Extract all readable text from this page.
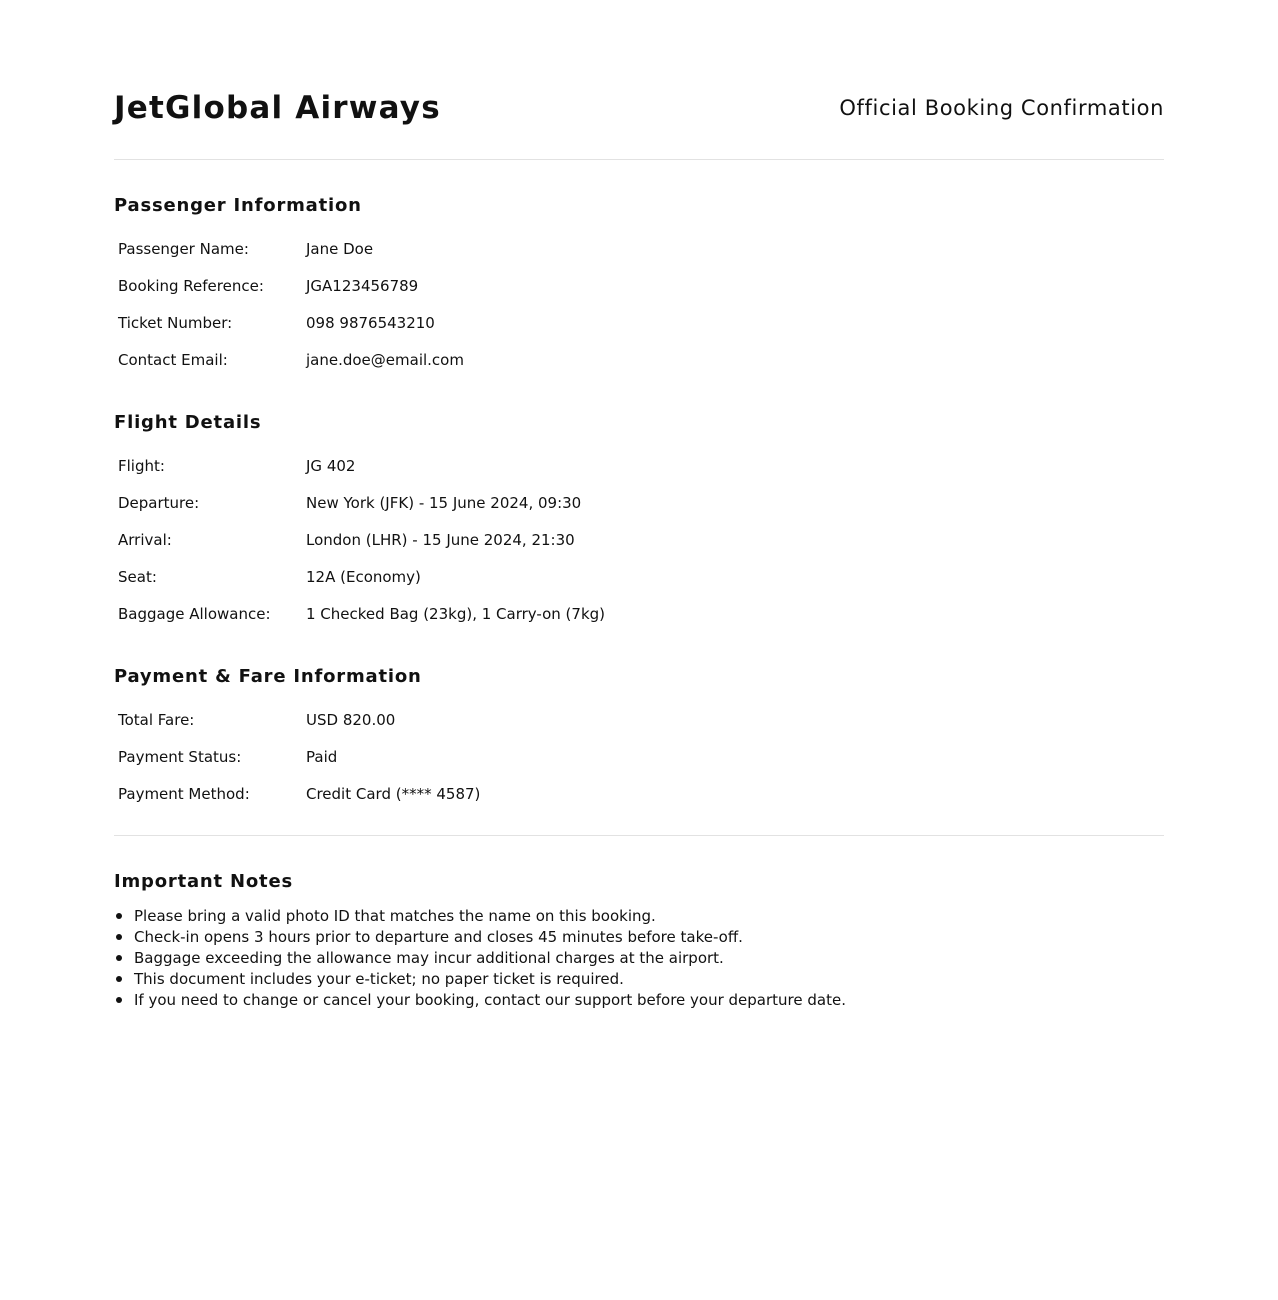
JetGlobal Airways	Official Booking Confirmation
Passenger Information
Passenger Name:	Jane Doe
Booking Reference:	JGA123456789
Ticket Number:	098 9876543210
Contact Email:	jane.doe@email.com
Flight Details
Flight:	JG 402
Departure:	New York (JFK) - 15 June 2024, 09:30
Arrival:	London (LHR) - 15 June 2024, 21:30
Seat:	12A (Economy)
Baggage Allowance:	1 Checked Bag (23kg), 1 Carry-on (7kg)
Payment & Fare Information
Total Fare:	USD 820.00
Payment Status:	Paid
Payment Method:	Credit Card (**** 4587)
Important Notes
Please bring a valid photo ID that matches the name on this booking.
Check-in opens 3 hours prior to departure and closes 45 minutes before take-off.
Baggage exceeding the allowance may incur additional charges at the airport.
This document includes your e-ticket; no paper ticket is required.
If you need to change or cancel your booking, contact our support before your departure date.
